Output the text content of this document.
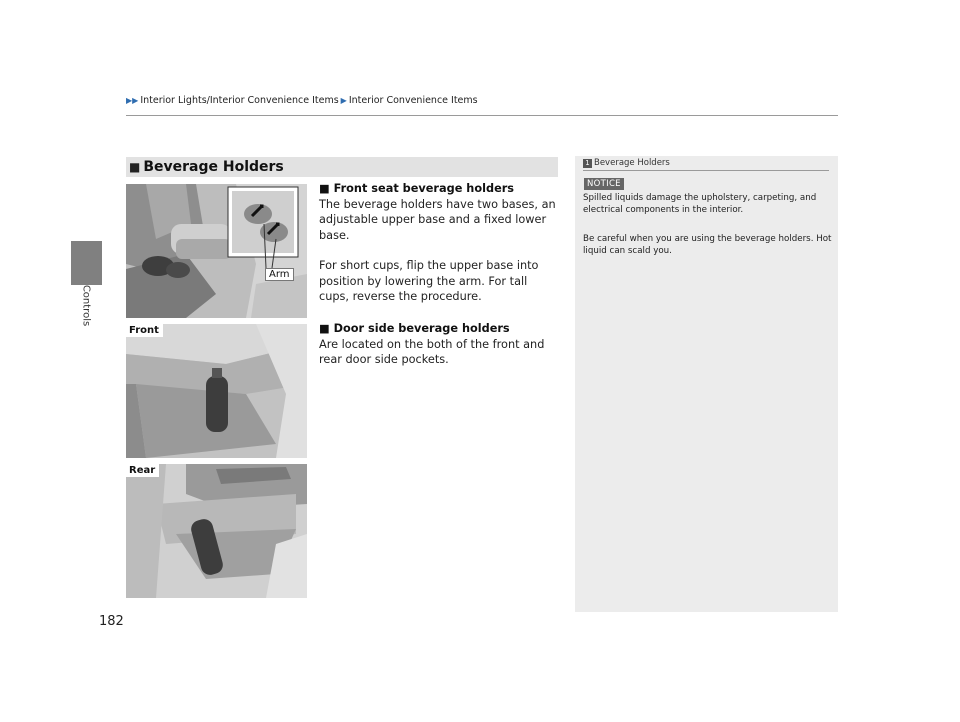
Controls
182
▶▶ Interior Lights/Interior Convenience Items ▶ Interior Convenience Items
■ Beverage Holders
Arm
Front
Rear

■ Front seat beverage holders

The beverage holders have two bases, an adjustable upper base and a fixed lower base.

For short cups, flip the upper base into position by lowering the arm. For tall cups, reverse the procedure.

■ Door side beverage holders

Are located on the both of the front and rear door side pockets.

1 Beverage Holders
NOTICE
Spilled liquids damage the upholstery, carpeting, and electrical components in the interior.
Be careful when you are using the beverage holders. Hot liquid can scald you.
